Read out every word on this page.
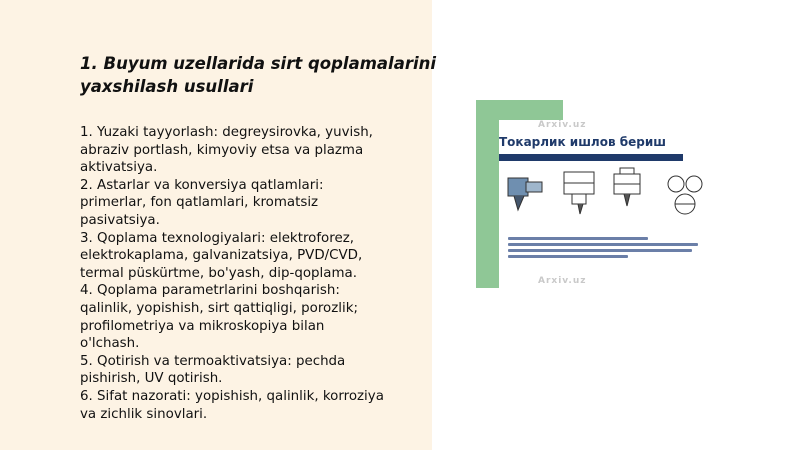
1. Buyum uzellarida sirt qoplamalarini
yaxshilash usullari
1. Yuzaki tayyorlash: degreysirovka, yuvish,
abraziv portlash, kimyoviy etsa va plazma
aktivatsiya.
2. Astarlar va konversiya qatlamlari:
primerlar, fon qatlamlari, kromatsiz
pasivatsiya.
3. Qoplama texnologiyalari: elektroforez,
elektrokaplama, galvanizatsiya, PVD/CVD,
termal püskürtme, bo'yash, dip-qoplama.
4. Qoplama parametrlarini boshqarish:
qalinlik, yopishish, sirt qattiqligi, porozlik;
profilometriya va mikroskopiya bilan
o'lchash.
5. Qotirish va termoaktivatsiya: pechda
pishirish, UV qotirish.
6. Sifat nazorati: yopishish, qalinlik, korroziya
va zichlik sinovlari.
Arxiv.uz
Токарлик ишлов бериш
Arxiv.uz
